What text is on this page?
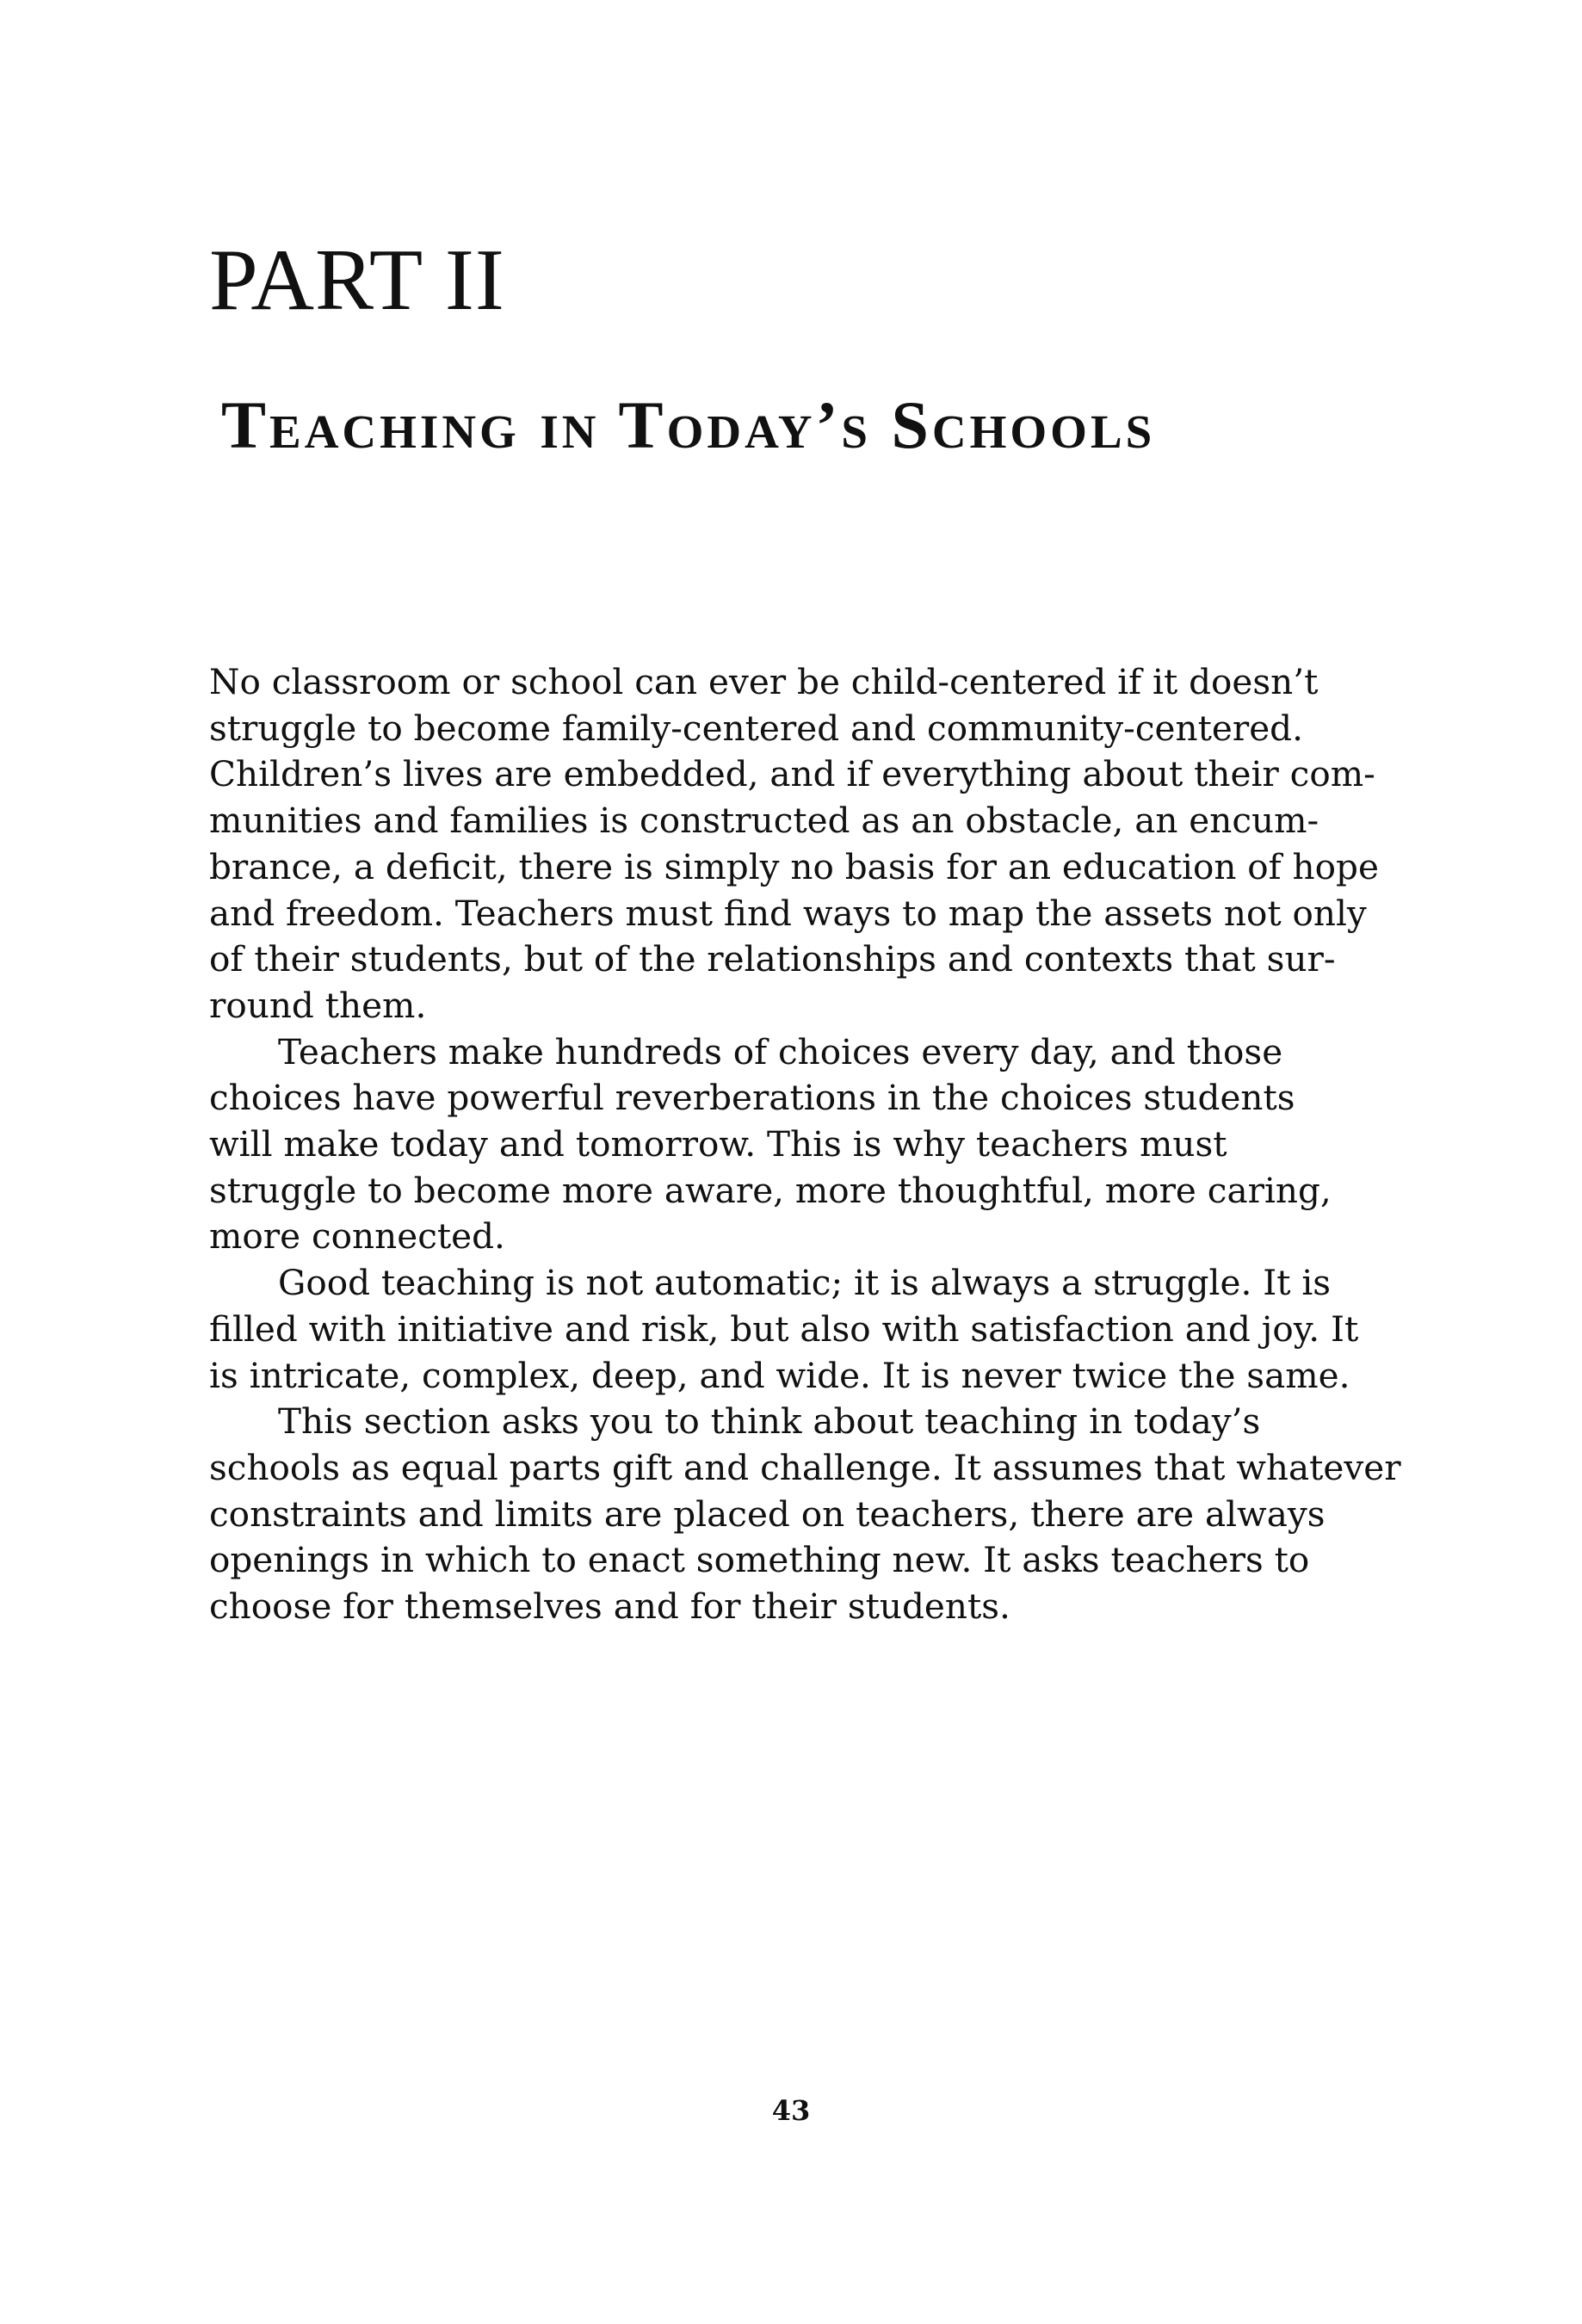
PART II
Teaching in Today’s Schools

No classroom or school can ever be child-centered if it doesn’t
struggle to become family-centered and community-centered.
Children’s lives are embedded, and if everything about their com-
munities and families is constructed as an obstacle, an encum-
brance, a deficit, there is simply no basis for an education of hope
and freedom. Teachers must find ways to map the assets not only
of their students, but of the relationships and contexts that sur-
round them.

Teachers make hundreds of choices every day, and those
choices have powerful reverberations in the choices students
will make today and tomorrow. This is why teachers must
struggle to become more aware, more thoughtful, more caring,
more connected.

Good teaching is not automatic; it is always a struggle. It is
filled with initiative and risk, but also with satisfaction and joy. It
is intricate, complex, deep, and wide. It is never twice the same.

This section asks you to think about teaching in today’s
schools as equal parts gift and challenge. It assumes that whatever
constraints and limits are placed on teachers, there are always
openings in which to enact something new. It asks teachers to
choose for themselves and for their students.

43
